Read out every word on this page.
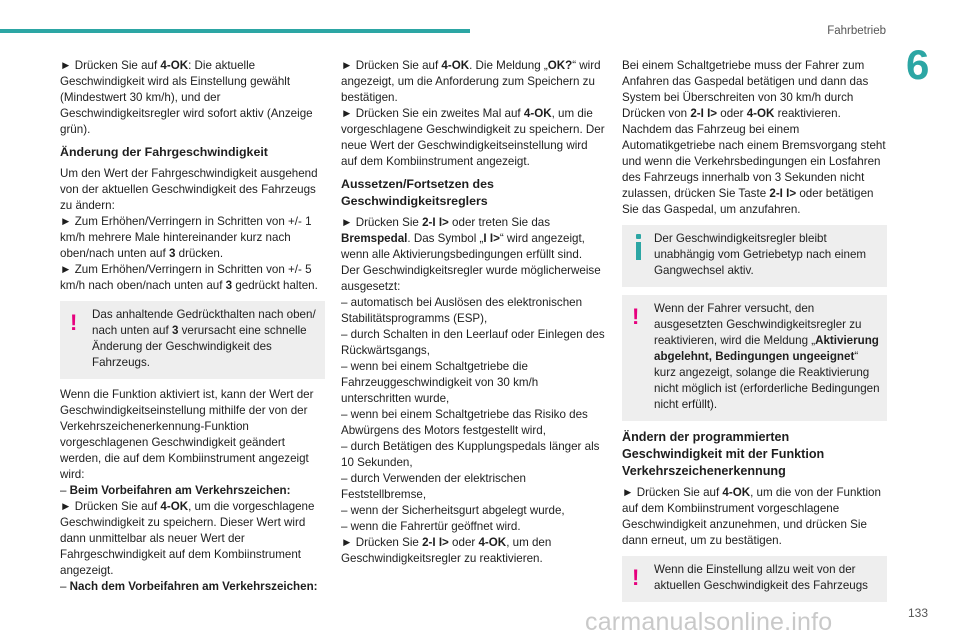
Fahrbetrieb
6

► Drücken Sie auf 4-OK: Die aktuelle Geschwindigkeit wird als Einstellung gewählt (Mindestwert 30 km/h), und der Geschwindigkeitsregler wird sofort aktiv (Anzeige grün).

Änderung der Fahrgeschwindigkeit

Um den Wert der Fahrgeschwindigkeit ausgehend von der aktuellen Geschwindigkeit des Fahrzeugs zu ändern:

► Zum Erhöhen/Verringern in Schritten von +/- 1 km/h mehrere Male hintereinander kurz nach oben/nach unten auf 3 drücken.

► Zum Erhöhen/Verringern in Schritten von +/- 5 km/h nach oben/nach unten auf 3 gedrückt halten.

!	Das anhaltende Gedrückthalten nach oben/ nach unten auf 3 verursacht eine schnelle Änderung der Geschwindigkeit des Fahrzeugs.

Wenn die Funktion aktiviert ist, kann der Wert der Geschwindigkeitseinstellung mithilfe der von der Verkehrszeichenerkennung-Funktion vorgeschlagenen Geschwindigkeit geändert werden, die auf dem Kombiinstrument angezeigt wird:

– Beim Vorbeifahren am Verkehrszeichen:

► Drücken Sie auf 4-OK, um die vorgeschlagene Geschwindigkeit zu speichern. Dieser Wert wird dann unmittelbar als neuer Wert der Fahrgeschwindigkeit auf dem Kombiinstrument angezeigt.

– Nach dem Vorbeifahren am Verkehrszeichen:

► Drücken Sie auf 4-OK. Die Meldung „OK?“ wird angezeigt, um die Anforderung zum Speichern zu bestätigen.

► Drücken Sie ein zweites Mal auf 4-OK, um die vorgeschlagene Geschwindigkeit zu speichern. Der neue Wert der Geschwindigkeitseinstellung wird auf dem Kombiinstrument angezeigt.

Aussetzen/Fortsetzen des Geschwindigkeitsreglers

► Drücken Sie 2-I I> oder treten Sie das Bremspedal. Das Symbol „I I>“ wird angezeigt, wenn alle Aktivierungsbedingungen erfüllt sind.

Der Geschwindigkeitsregler wurde möglicherweise ausgesetzt:

– automatisch bei Auslösen des elektronischen Stabilitätsprogramms (ESP),

– durch Schalten in den Leerlauf oder Einlegen des Rückwärtsgangs,

– wenn bei einem Schaltgetriebe die Fahrzeuggeschwindigkeit von 30 km/h unterschritten wurde,

– wenn bei einem Schaltgetriebe das Risiko des Abwürgens des Motors festgestellt wird,

– durch Betätigen des Kupplungspedals länger als 10 Sekunden,

– durch Verwenden der elektrischen Feststellbremse,

– wenn der Sicherheitsgurt abgelegt wurde,

– wenn die Fahrertür geöffnet wird.

► Drücken Sie 2-I I> oder 4-OK, um den Geschwindigkeitsregler zu reaktivieren.

Bei einem Schaltgetriebe muss der Fahrer zum Anfahren das Gaspedal betätigen und dann das System bei Überschreiten von 30 km/h durch Drücken von 2-I I> oder 4-OK reaktivieren.

Nachdem das Fahrzeug bei einem Automatikgetriebe nach einem Bremsvorgang steht und wenn die Verkehrsbedingungen ein Losfahren des Fahrzeugs innerhalb von 3 Sekunden nicht zulassen, drücken Sie Taste 2-I I> oder betätigen Sie das Gaspedal, um anzufahren.

Der Geschwindigkeitsregler bleibt unabhängig vom Getriebetyp nach einem Gangwechsel aktiv.

!	Wenn der Fahrer versucht, den ausgesetzten Geschwindigkeitsregler zu reaktivieren, wird die Meldung „Aktivierung abgelehnt, Bedingungen ungeeignet“ kurz angezeigt, solange die Reaktivierung nicht möglich ist (erforderliche Bedingungen nicht erfüllt).

Ändern der programmierten Geschwindigkeit mit der Funktion Verkehrszeichenerkennung

► Drücken Sie auf 4-OK, um die von der Funktion auf dem Kombiinstrument vorgeschlagene Geschwindigkeit anzunehmen, und drücken Sie dann erneut, um zu bestätigen.

!	Wenn die Einstellung allzu weit von der aktuellen Geschwindigkeit des Fahrzeugs

carmanualsonline.info	133
